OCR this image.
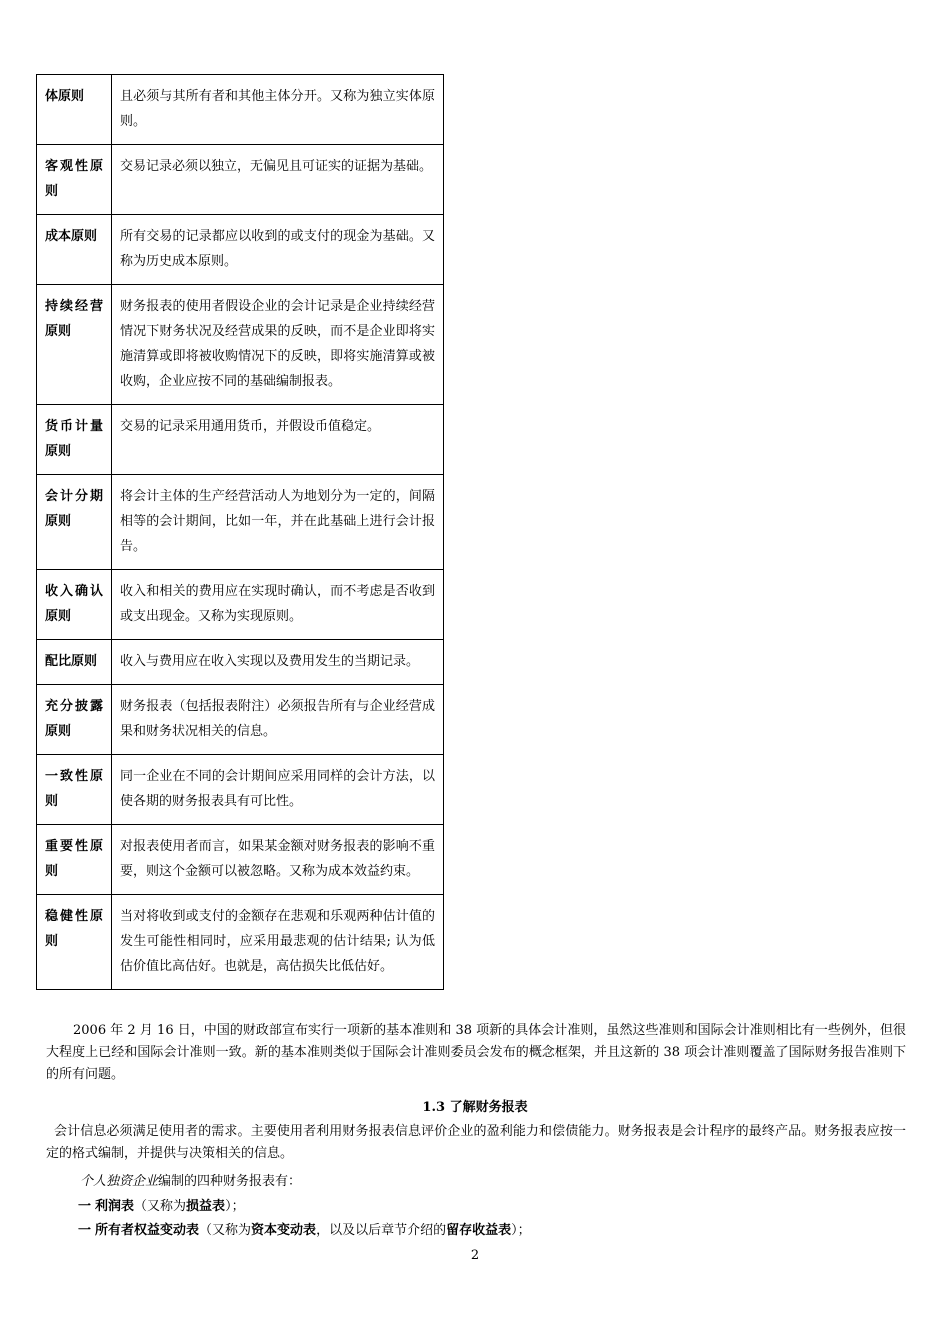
体原则	且必须与其所有者和其他主体分开。又称为独立实体原则。
客观性原则	交易记录必须以独立，无偏见且可证实的证据为基础。
成本原则	所有交易的记录都应以收到的或支付的现金为基础。又称为历史成本原则。
持续经营原则	财务报表的使用者假设企业的会计记录是企业持续经营情况下财务状况及经营成果的反映，而不是企业即将实施清算或即将被收购情况下的反映，即将实施清算或被收购，企业应按不同的基础编制报表。
货币计量原则	交易的记录采用通用货币，并假设币值稳定。
会计分期原则	将会计主体的生产经营活动人为地划分为一定的，间隔相等的会计期间，比如一年，并在此基础上进行会计报告。
收入确认原则	收入和相关的费用应在实现时确认，而不考虑是否收到或支出现金。又称为实现原则。
配比原则	收入与费用应在收入实现以及费用发生的当期记录。
充分披露原则	财务报表（包括报表附注）必须报告所有与企业经营成果和财务状况相关的信息。
一致性原则	同一企业在不同的会计期间应采用同样的会计方法，以使各期的财务报表具有可比性。
重要性原则	对报表使用者而言，如果某金额对财务报表的影响不重要，则这个金额可以被忽略。又称为成本效益约束。
稳健性原则	当对将收到或支付的金额存在悲观和乐观两种估计值的发生可能性相同时，应采用最悲观的估计结果; 认为低估价值比高估好。也就是，高估损失比低估好。
2006 年 2 月 16 日，中国的财政部宣布实行一项新的基本准则和 38 项新的具体会计准则，虽然这些准则和国际会计准则相比有一些例外，但很大程度上已经和国际会计准则一致。新的基本准则类似于国际会计准则委员会发布的概念框架，并且这新的 38 项会计准则覆盖了国际财务报告准则下的所有问题。
1.3 了解财务报表
会计信息必须满足使用者的需求。主要使用者利用财务报表信息评价企业的盈利能力和偿债能力。财务报表是会计程序的最终产品。财务报表应按一定的格式编制，并提供与决策相关的信息。
个人独资企业编制的四种财务报表有：
一 利润表（又称为损益表）；
一 所有者权益变动表（又称为资本变动表，以及以后章节介绍的留存收益表）；
2
